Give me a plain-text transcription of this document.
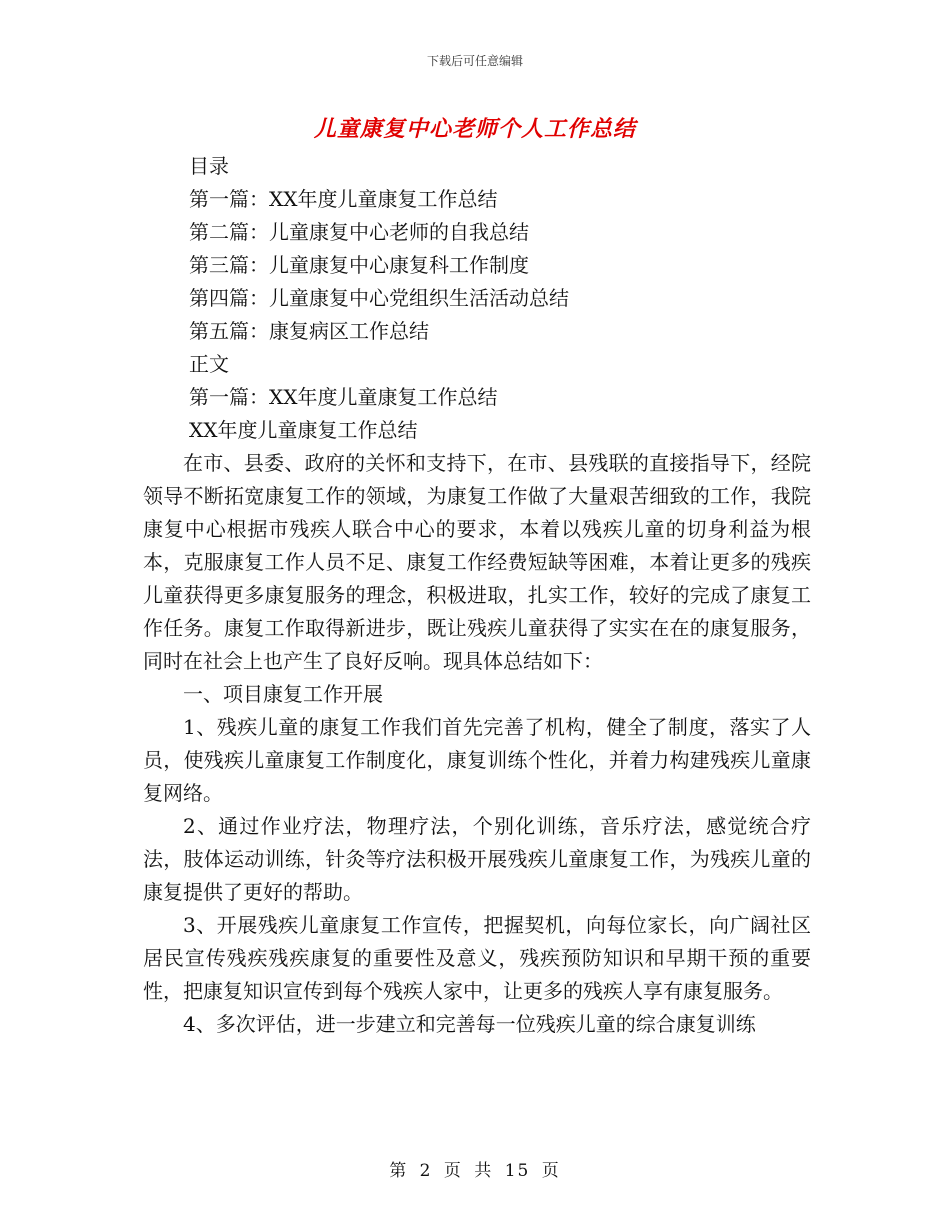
下载后可任意编辑
儿童康复中心老师个人工作总结
目录
第一篇：XX年度儿童康复工作总结
第二篇：儿童康复中心老师的自我总结
第三篇：儿童康复中心康复科工作制度
第四篇：儿童康复中心党组织生活活动总结
第五篇：康复病区工作总结
正文
第一篇：XX年度儿童康复工作总结
XX年度儿童康复工作总结

在市、县委、政府的关怀和支持下，在市、县残联的直接指导下，经院领导不断拓宽康复工作的领域，为康复工作做了大量艰苦细致的工作，我院康复中心根据市残疾人联合中心的要求，本着以残疾儿童的切身利益为根本，克服康复工作人员不足、康复工作经费短缺等困难，本着让更多的残疾儿童获得更多康复服务的理念，积极进取，扎实工作，较好的完成了康复工作任务。康复工作取得新进步，既让残疾儿童获得了实实在在的康复服务，同时在社会上也产生了良好反响。现具体总结如下：

一、项目康复工作开展

1、残疾儿童的康复工作我们首先完善了机构，健全了制度，落实了人员，使残疾儿童康复工作制度化，康复训练个性化，并着力构建残疾儿童康复网络。

2、通过作业疗法，物理疗法，个别化训练，音乐疗法，感觉统合疗法，肢体运动训练，针灸等疗法积极开展残疾儿童康复工作，为残疾儿童的康复提供了更好的帮助。

3、开展残疾儿童康复工作宣传，把握契机，向每位家长，向广阔社区居民宣传残疾残疾康复的重要性及意义，残疾预防知识和早期干预的重要性，把康复知识宣传到每个残疾人家中，让更多的残疾人享有康复服务。

4、多次评估，进一步建立和完善每一位残疾儿童的综合康复训练

第 2 页 共 15 页
